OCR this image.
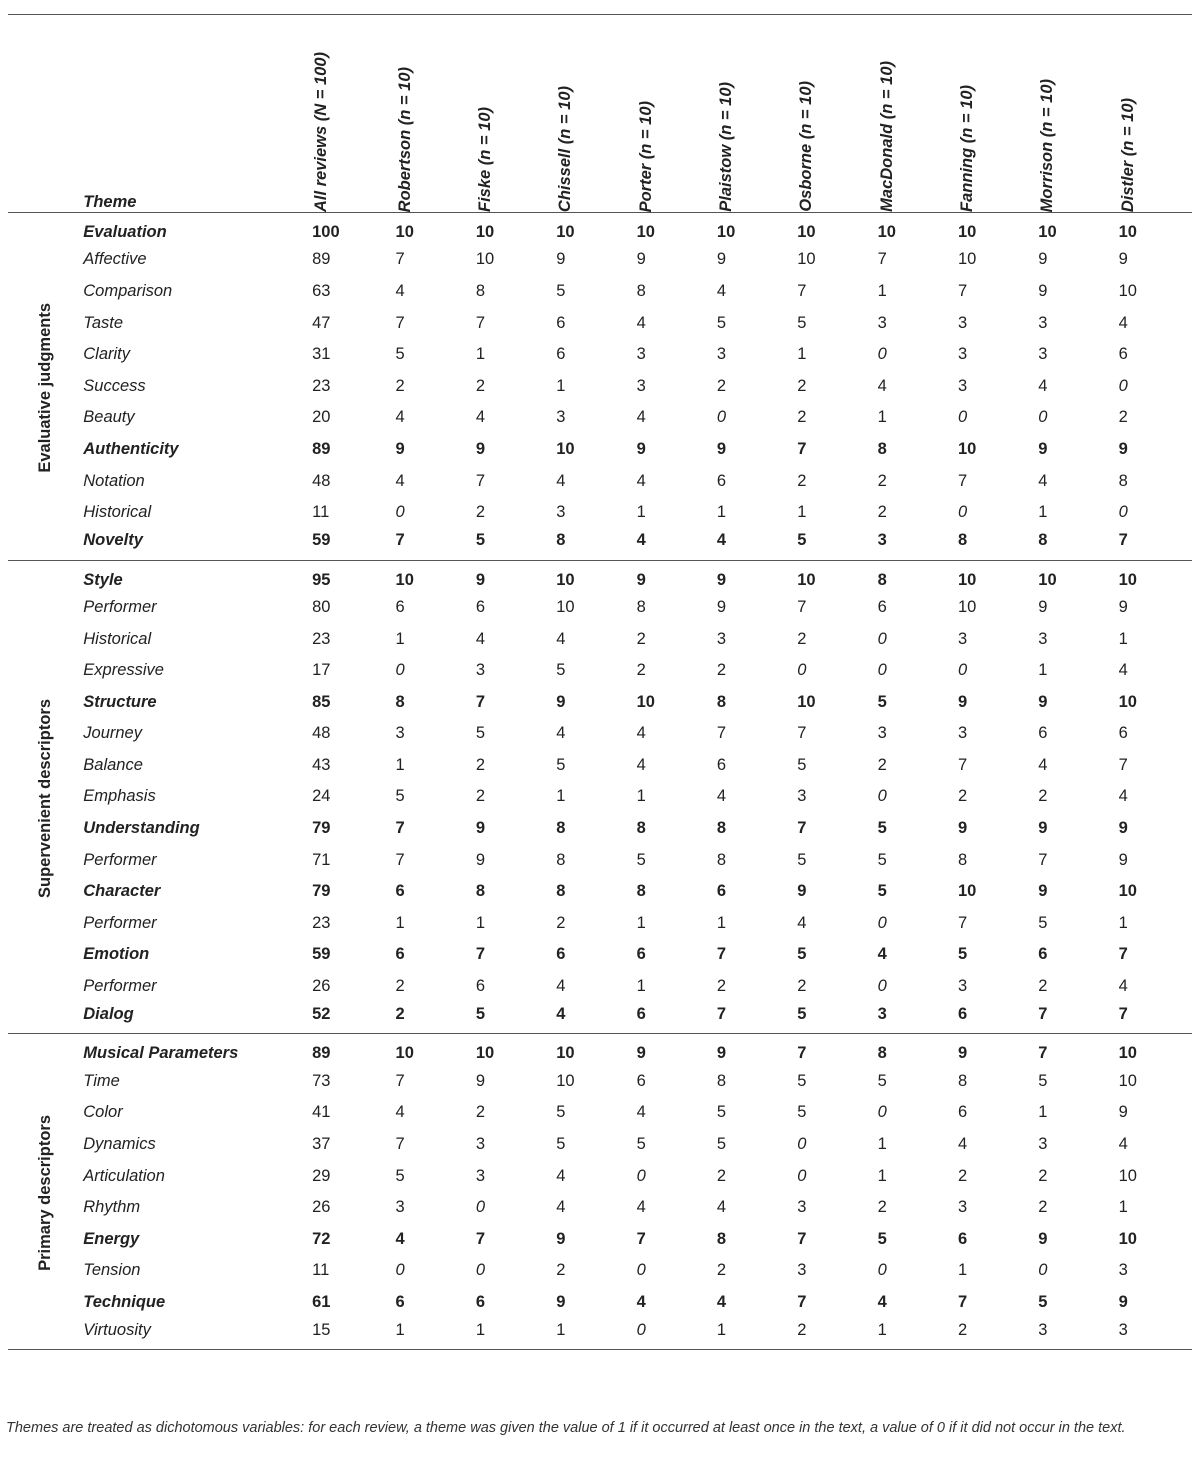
	Theme	All reviews (N = 100)	Robertson (n = 10)	Fiske (n = 10)	Chissell (n = 10)	Porter (n = 10)	Plaistow (n = 10)	Osborne (n = 10)	MacDonald (n = 10)	Fanning (n = 10)	Morrison (n = 10)	Distler (n = 10)

Evaluative judgments	Evaluation	100	10	10	10	10	10	10	10	10	10	10
	Affective	89	7	10	9	9	9	10	7	10	9	9
	Comparison	63	4	8	5	8	4	7	1	7	9	10
	Taste	47	7	7	6	4	5	5	3	3	3	4
	Clarity	31	5	1	6	3	3	1	0	3	3	6
	Success	23	2	2	1	3	2	2	4	3	4	0
	Beauty	20	4	4	3	4	0	2	1	0	0	2
	Authenticity	89	9	9	10	9	9	7	8	10	9	9
	Notation	48	4	7	4	4	6	2	2	7	4	8
	Historical	11	0	2	3	1	1	1	2	0	1	0
	Novelty	59	7	5	8	4	4	5	3	8	8	7
Supervenient descriptors	Style	95	10	9	10	9	9	10	8	10	10	10
	Performer	80	6	6	10	8	9	7	6	10	9	9
	Historical	23	1	4	4	2	3	2	0	3	3	1
	Expressive	17	0	3	5	2	2	0	0	0	1	4
	Structure	85	8	7	9	10	8	10	5	9	9	10
	Journey	48	3	5	4	4	7	7	3	3	6	6
	Balance	43	1	2	5	4	6	5	2	7	4	7
	Emphasis	24	5	2	1	1	4	3	0	2	2	4
	Understanding	79	7	9	8	8	8	7	5	9	9	9
	Performer	71	7	9	8	5	8	5	5	8	7	9
	Character	79	6	8	8	8	6	9	5	10	9	10
	Performer	23	1	1	2	1	1	4	0	7	5	1
	Emotion	59	6	7	6	6	7	5	4	5	6	7
	Performer	26	2	6	4	1	2	2	0	3	2	4
	Dialog	52	2	5	4	6	7	5	3	6	7	7
Primary descriptors	Musical Parameters	89	10	10	10	9	9	7	8	9	7	10
	Time	73	7	9	10	6	8	5	5	8	5	10
	Color	41	4	2	5	4	5	5	0	6	1	9
	Dynamics	37	7	3	5	5	5	0	1	4	3	4
	Articulation	29	5	3	4	0	2	0	1	2	2	10
	Rhythm	26	3	0	4	4	4	3	2	3	2	1
	Energy	72	4	7	9	7	8	7	5	6	9	10
	Tension	11	0	0	2	0	2	3	0	1	0	3
	Technique	61	6	6	9	4	4	7	4	7	5	9
	Virtuosity	15	1	1	1	0	1	2	1	2	3	3
Themes are treated as dichotomous variables: for each review, a theme was given the value of 1 if it occurred at least once in the text, a value of 0 if it did not occur in the text.
